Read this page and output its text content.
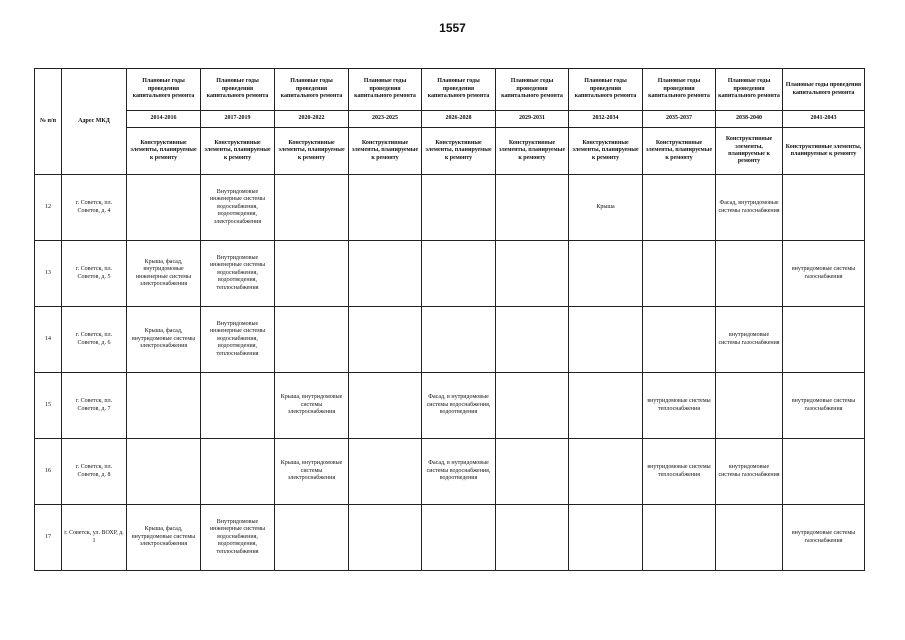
1557
№ п/п	Адрес МКД	Плановые годы проведения капитального ремонта	Плановые годы проведения капитального ремонта	Плановые годы проведения капитального ремонта	Плановые годы проведения капитального ремонта	Плановые годы проведения капитального ремонта	Плановые годы проведения капитального ремонта	Плановые годы проведения капитального ремонта	Плановые годы проведения капитального ремонта	Плановые годы проведения капитального ремонта	Плановые годы проведения капитального ремонта
		2014-2016	2017-2019	2020-2022	2023-2025	2026-2028	2029-2031	2032-2034	2035-2037	2038-2040	2041-2043
		Конструктивные элементы, планируемые к ремонту	Конструктивные элементы, планируемые к ремонту	Конструктивные элементы, планируемые к ремонту	Конструктивные элементы, планируемые к ремонту	Конструктивные элементы, планируемые к ремонту	Конструктивные элементы, планируемые к ремонту	Конструктивные элементы, планируемые к ремонту	Конструктивные элементы, планируемые к ремонту	Конструктивные элементы, планируемые к ремонту	Конструктивные элементы, планируемые к ремонту
12	г. Советск, пл. Советов, д. 4		Внутридомовые инженерные системы водоснабжения, водоотведения, электроснабжения					Крыша		Фасад, внутридомовые системы газоснабжения	
13	г. Советск, пл. Советов, д. 5	Крыша, фасад, внутридомовые инженерные системы электроснабжения	Внутридомовые инженерные системы водоснабжения, водоотведения, теплоснабжения								внутридомовые системы газоснабжения
14	г. Советск, пл. Советов, д. 6	Крыша, фасад, внутридомовые системы электроснабжения	Внутридомовые инженерные системы водоснабжения, водоотведения, теплоснабжения							внутридомовые системы газоснабжения	
15	г. Советск, пл. Советов, д. 7			Крыша, внутридомовые системы электроснабжения		Фасад, в нутридомовые системы водоснабжения, водоотведения			внутридомовые системы теплоснабжения		внутридомовые системы газоснабжения
16	г. Советск, пл. Советов, д. 8			Крыша, внутридомовые системы электроснабжения		Фасад, в нутридомовые системы водоснабжения, водоотведения			внутридомовые системы теплоснабжения	внутридомовые системы газоснабжения	
17	г. Советск, ул. ВОХР, д. 1	Крыша, фасад, внутридомовые системы электроснабжения	Внутридомовые инженерные системы водоснабжения, водоотведения, теплоснабжения								внутридомовые системы газоснабжения
